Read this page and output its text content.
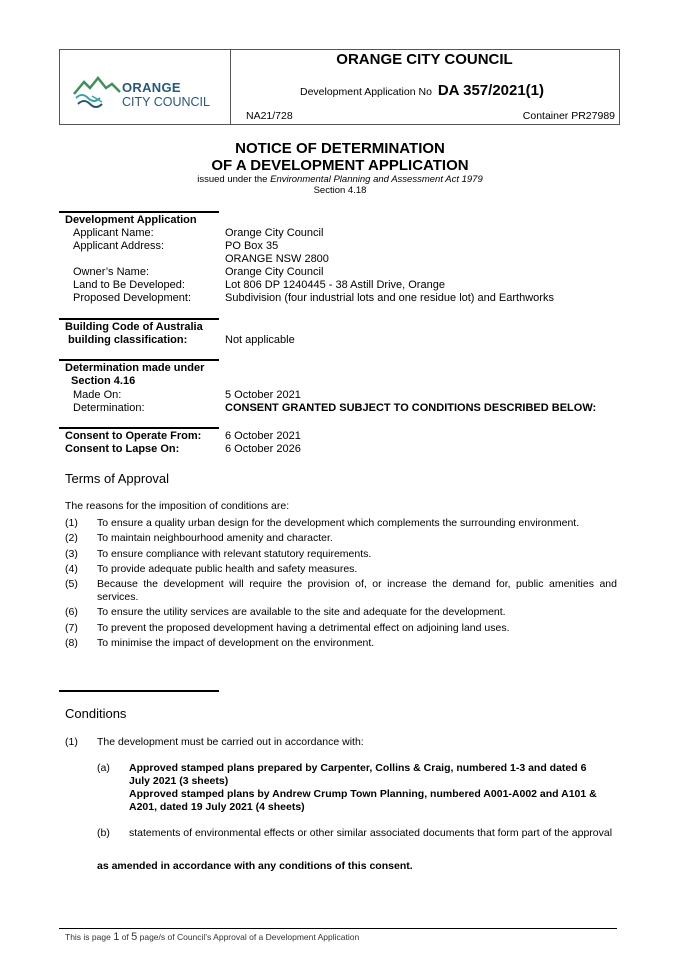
ORANGE
CITY COUNCIL
ORANGE CITY COUNCIL
Development Application No DA 357/2021(1)
NA21/728	Container PR27989
NOTICE OF DETERMINATION
OF A DEVELOPMENT APPLICATION
issued under the Environmental Planning and Assessment Act 1979
Section 4.18
Development Application
Applicant Name:	Orange City Council
Applicant Address:	PO Box 35
ORANGE NSW 2800
Owner’s Name:	Orange City Council
Land to Be Developed:	Lot 806 DP 1240445 - 38 Astill Drive, Orange
Proposed Development:	Subdivision (four industrial lots and one residue lot) and Earthworks
Building Code of Australia
building classification:	Not applicable
Determination made under
Section 4.16
Made On:	5 October 2021
Determination:	CONSENT GRANTED SUBJECT TO CONDITIONS DESCRIBED BELOW:
Consent to Operate From: 6 October 2021
Consent to Lapse On:	6 October 2026
Terms of Approval
The reasons for the imposition of conditions are:
(1) To ensure a quality urban design for the development which complements the surrounding environment.
(2) To maintain neighbourhood amenity and character.
(3) To ensure compliance with relevant statutory requirements.
(4) To provide adequate public health and safety measures.
(5) Because the development will require the provision of, or increase the demand for, public amenities and services.
(6) To ensure the utility services are available to the site and adequate for the development.
(7) To prevent the proposed development having a detrimental effect on adjoining land uses.
(8) To minimise the impact of development on the environment.
Conditions
(1) The development must be carried out in accordance with:
(a) Approved stamped plans prepared by Carpenter, Collins & Craig, numbered 1-3 and dated 6 July 2021 (3 sheets)
Approved stamped plans by Andrew Crump Town Planning, numbered A001-A002 and A101 & A201, dated 19 July 2021 (4 sheets)
(b) statements of environmental effects or other similar associated documents that form part of the approval
as amended in accordance with any conditions of this consent.
This is page 1 of 5 page/s of Council’s Approval of a Development Application
